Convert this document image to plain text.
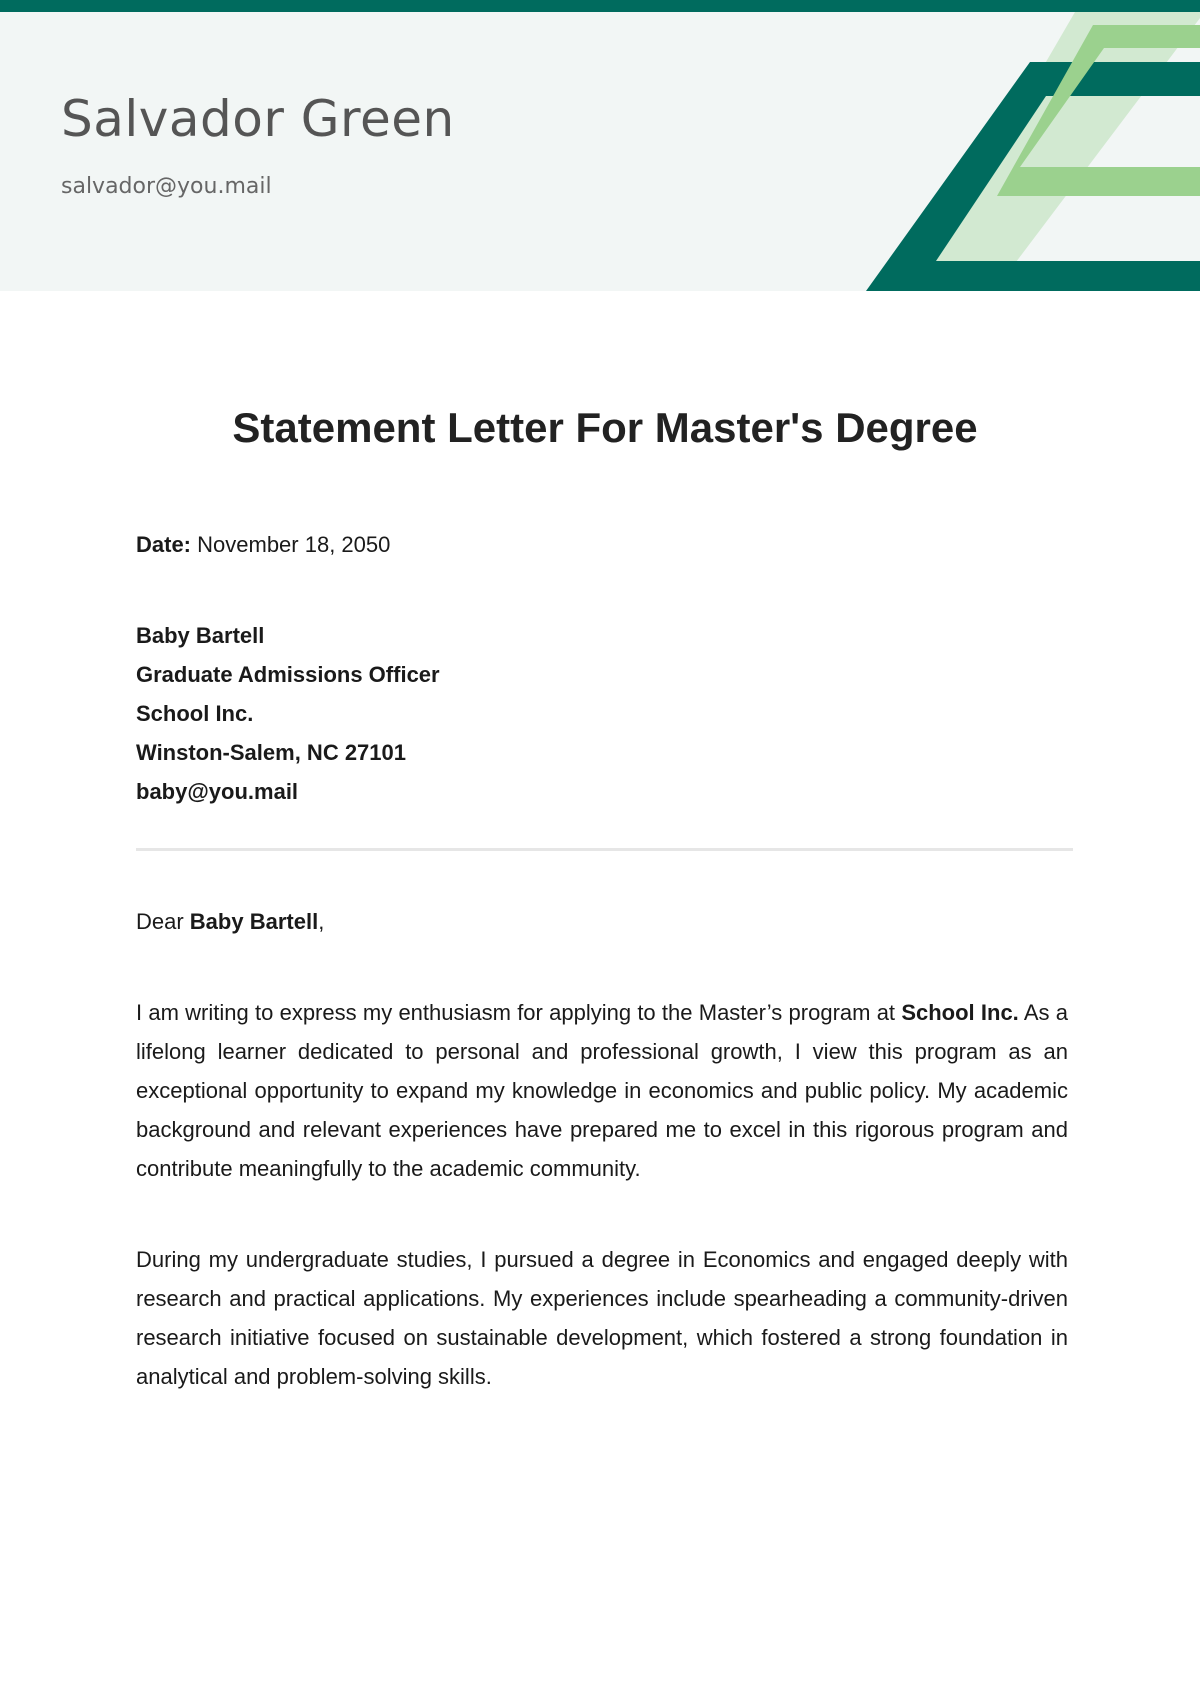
Salvador Green
salvador@you.mail
Statement Letter For Master's Degree

Date: November 18, 2050

Baby Bartell
Graduate Admissions Officer
School Inc.
Winston-Salem, NC 27101
baby@you.mail
Dear Baby Bartell,
I am writing to express my enthusiasm for applying to the Master’s program at School Inc. As a lifelong learner dedicated to personal and professional growth, I view this program as an exceptional opportunity to expand my knowledge in economics and public policy. My academic background and relevant experiences have prepared me to excel in this rigorous program and contribute meaningfully to the academic community.
During my undergraduate studies, I pursued a degree in Economics and engaged deeply with research and practical applications. My experiences include spearheading a community-driven research initiative focused on sustainable development, which fostered a strong foundation in analytical and problem-solving skills.
